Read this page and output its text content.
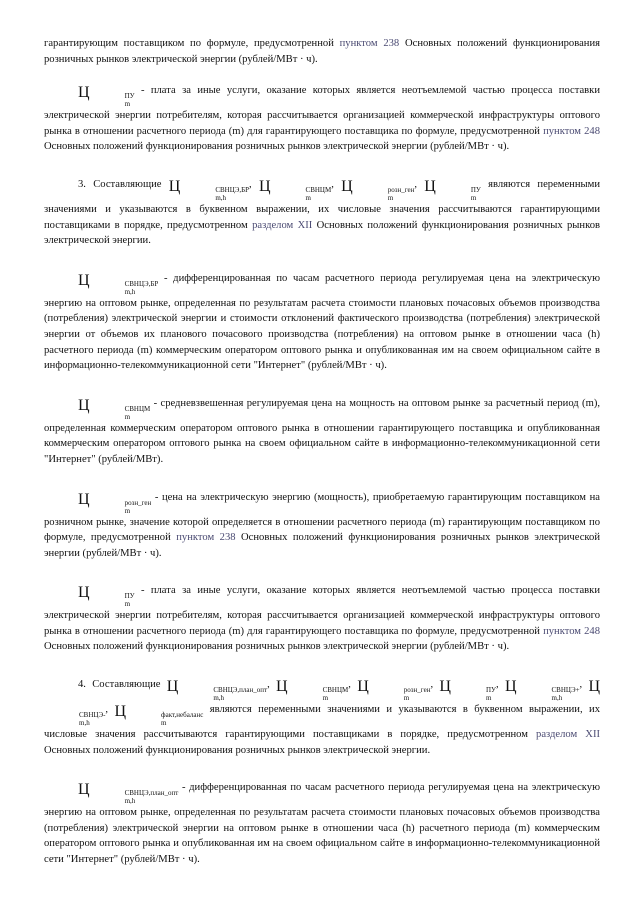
гарантирующим поставщиком по формуле, предусмотренной пунктом 238 Основных положений функционирования розничных рынков электрической энергии (рублей/МВт · ч).

Ц	ПУ
m
- плата за иные услуги, оказание которых является неотъемлемой частью процесса поставки электрической энергии потребителям, которая рассчитывается организацией коммерческой инфраструктуры оптового рынка в отношении расчетного периода (m) для гарантирующего поставщика по формуле, предусмотренной пунктом 248 Основных положений функционирования розничных рынков электрической энергии (рублей/МВт · ч).

3. Составляющие Ц	СВНЦЭ,БР
m,h
, Ц	СВНЦМ
m
, Ц	розн_ген
m
, Ц	ПУ
m
являются переменными значениями и указываются в буквенном выражении, их числовые значения рассчитываются гарантирующими поставщиками в порядке, предусмотренном разделом XII Основных положений функционирования розничных рынков электрической энергии.

Ц	СВНЦЭ,БР
m,h
- дифференцированная по часам расчетного периода регулируемая цена на электрическую энергию на оптовом рынке, определенная по результатам расчета стоимости плановых почасовых объемов производства (потребления) электрической энергии и стоимости отклонений фактического производства (потребления) электрической энергии от объемов их планового почасового производства (потребления) на оптовом рынке в отношении часа (h) расчетного периода (m) коммерческим оператором оптового рынка и опубликованная им на своем официальном сайте в информационно-телекоммуникационной сети "Интернет" (рублей/МВт · ч).

Ц	СВНЦМ
m
- средневзвешенная регулируемая цена на мощность на оптовом рынке за расчетный период (m), определенная коммерческим оператором оптового рынка в отношении гарантирующего поставщика и опубликованная коммерческим оператором оптового рынка на своем официальном сайте в информационно-телекоммуникационной сети "Интернет" (рублей/МВт).

Ц	розн_ген
m
- цена на электрическую энергию (мощность), приобретаемую гарантирующим поставщиком на розничном рынке, значение которой определяется в отношении расчетного периода (m) гарантирующим поставщиком по формуле, предусмотренной пунктом 238 Основных положений функционирования розничных рынков электрической энергии (рублей/МВт · ч).

Ц	ПУ
m
- плата за иные услуги, оказание которых является неотъемлемой частью процесса поставки электрической энергии потребителям, которая рассчитывается организацией коммерческой инфраструктуры оптового рынка в отношении расчетного периода (m) для гарантирующего поставщика по формуле, предусмотренной пунктом 248 Основных положений функционирования розничных рынков электрической энергии (рублей/МВт · ч).

4. Составляющие Ц	СВНЦЭ,план_опт
m,h
, Ц	СВНЦМ
m
, Ц	розн_ген
m
, Ц	ПУ
m
, Ц	СВНЦЭ+
m,h
, Ц
СВНЦЭ-
m,h
, Ц	факт,небаланс
m
являются переменными значениями и указываются в буквенном выражении, их числовые значения рассчитываются гарантирующими поставщиками в порядке, предусмотренном разделом XII Основных положений функционирования розничных рынков электрической энергии.

Ц	СВНЦЭ,план_опт
m,h
- дифференцированная по часам расчетного периода регулируемая цена на электрическую энергию на оптовом рынке, определенная по результатам расчета стоимости плановых почасовых объемов производства (потребления) электрической энергии на оптовом рынке в отношении часа (h) расчетного периода (m) коммерческим оператором оптового рынка и опубликованная им на своем официальном сайте в информационно-телекоммуникационной сети "Интернет" (рублей/МВт · ч).
